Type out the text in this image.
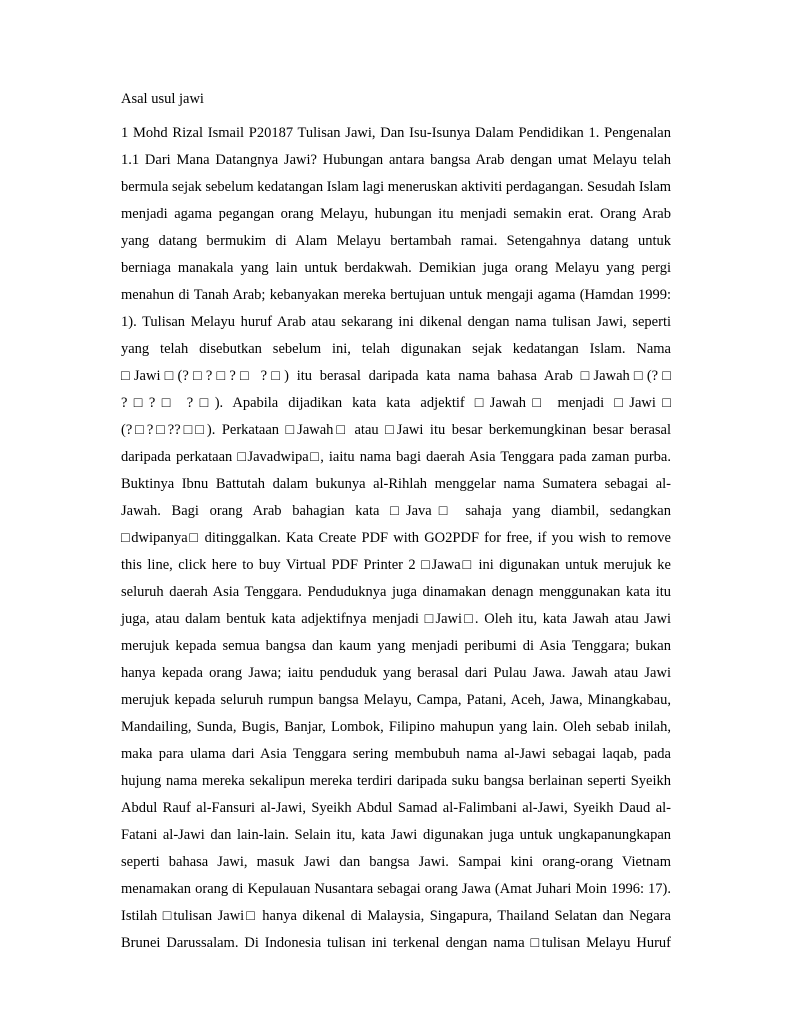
Asal usul jawi
1 Mohd Rizal Ismail P20187 Tulisan Jawi, Dan Isu-Isunya Dalam Pendidikan 1. Pengenalan
1.1 Dari Mana Datangnya Jawi? Hubungan antara bangsa Arab dengan umat Melayu telah
bermula sejak sebelum kedatangan Islam lagi meneruskan aktiviti perdagangan. Sesudah Islam
menjadi agama pegangan orang Melayu, hubungan itu menjadi semakin erat. Orang Arab
yang datang bermukim di Alam Melayu bertambah ramai. Setengahnya datang untuk
berniaga manakala yang lain untuk berdakwah. Demikian juga orang Melayu yang pergi
menahun di Tanah Arab; kebanyakan mereka bertujuan untuk mengaji agama (Hamdan 1999:
1). Tulisan Melayu huruf Arab atau sekarang ini dikenal dengan nama tulisan Jawi, seperti
yang telah disebutkan sebelum ini, telah digunakan sejak kedatangan Islam. Nama
□Jawi□(?□?□?□ ?□) itu berasal daripada kata nama bahasa Arab □Jawah□(?□
?□?□ ?□). Apabila dijadikan kata kata adjektif □Jawah□ menjadi □Jawi□
(?□?□??□□). Perkataan □Jawah□ atau □Jawi itu besar berkemungkinan besar berasal
daripada perkataan □Javadwipa□, iaitu nama bagi daerah Asia Tenggara pada zaman purba.
Buktinya Ibnu Battutah dalam bukunya al-Rihlah menggelar nama Sumatera sebagai al-
Jawah. Bagi orang Arab bahagian kata □Java□ sahaja yang diambil, sedangkan
□dwipanya□ ditinggalkan. Kata Create PDF with GO2PDF for free, if you wish to remove
this line, click here to buy Virtual PDF Printer 2 □Jawa□ ini digunakan untuk merujuk ke
seluruh daerah Asia Tenggara. Penduduknya juga dinamakan denagn menggunakan kata itu
juga, atau dalam bentuk kata adjektifnya menjadi □Jawi□. Oleh itu, kata Jawah atau Jawi
merujuk kepada semua bangsa dan kaum yang menjadi peribumi di Asia Tenggara; bukan
hanya kepada orang Jawa; iaitu penduduk yang berasal dari Pulau Jawa. Jawah atau Jawi
merujuk kepada seluruh rumpun bangsa Melayu, Campa, Patani, Aceh, Jawa, Minangkabau,
Mandailing, Sunda, Bugis, Banjar, Lombok, Filipino mahupun yang lain. Oleh sebab inilah,
maka para ulama dari Asia Tenggara sering membubuh nama al-Jawi sebagai laqab, pada
hujung nama mereka sekalipun mereka terdiri daripada suku bangsa berlainan seperti Syeikh
Abdul Rauf al-Fansuri al-Jawi, Syeikh Abdul Samad al-Falimbani al-Jawi, Syeikh Daud al-
Fatani al-Jawi dan lain-lain. Selain itu, kata Jawi digunakan juga untuk ungkapanungkapan
seperti bahasa Jawi, masuk Jawi dan bangsa Jawi. Sampai kini orang-orang Vietnam
menamakan orang di Kepulauan Nusantara sebagai orang Jawa (Amat Juhari Moin 1996: 17).
Istilah □tulisan Jawi□ hanya dikenal di Malaysia, Singapura, Thailand Selatan dan Negara
Brunei Darussalam. Di Indonesia tulisan ini terkenal dengan nama □tulisan Melayu Huruf
